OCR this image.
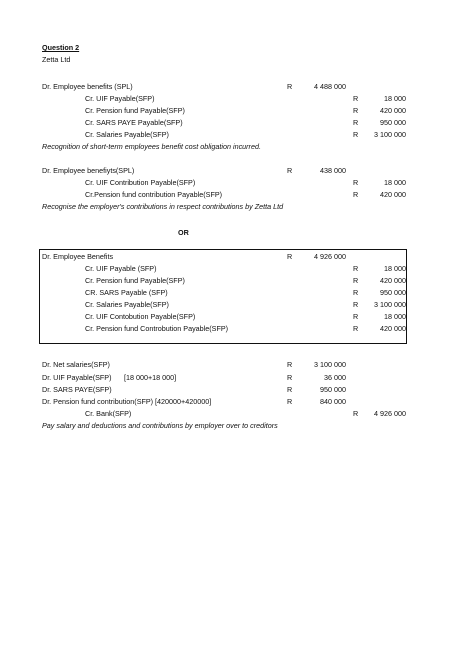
Question 2
Zetta Ltd
Dr. Employee benefits (SPL)	R	4 488 000
Cr. UIF Payable(SFP)	R	18 000
Cr. Pension fund Payable(SFP)	R	420 000
Cr. SARS PAYE Payable(SFP)	R	950 000
Cr. Salaries Payable(SFP)	R	3 100 000
Recognition of short-term employees benefit cost obligation incurred.
Dr. Employee benefiyts(SPL)	R	438 000
Cr. UIF Contribution Payable(SFP)	R	18 000
Cr.Pension fund contribution Payable(SFP)	R	420 000
Recognise the employer's contributions in respect contributions by Zetta Ltd
OR
Dr. Employee Benefits	R	4 926 000
Cr. UIF Payable (SFP)	R	18 000
Cr. Pension fund Payable(SFP)	R	420 000
CR. SARS Payable (SFP)	R	950 000
Cr. Salaries Payable(SFP)	R	3 100 000
Cr. UIF Contobution Payable(SFP)	R	18 000
Cr. Pension fund Controbution Payable(SFP)	R	420 000
Dr. Net salaries(SFP)	R	3 100 000
Dr. UIF Payable(SFP) [18 000+18 000]	R	36 000
Dr. SARS PAYE(SFP)	R	950 000
Dr. Pension fund contribution(SFP) [420000+420000]	R	840 000
Cr. Bank(SFP)	R	4 926 000
Pay salary and deductions and contributions by employer over to creditors
